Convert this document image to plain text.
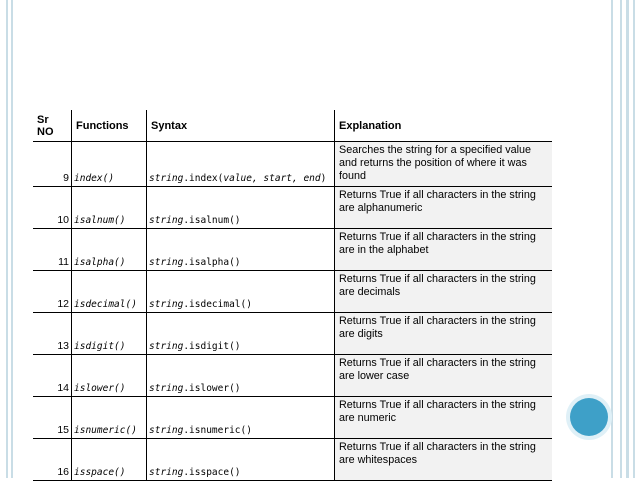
Sr NO	Functions	Syntax	Explanation
9	index()	string.index(value, start, end)	Searches the string for a specified value and returns the position of where it was found
10	isalnum()	string.isalnum()	Returns True if all characters in the string are alphanumeric
11	isalpha()	string.isalpha()	Returns True if all characters in the string are in the alphabet
12	isdecimal()	string.isdecimal()	Returns True if all characters in the string are decimals
13	isdigit()	string.isdigit()	Returns True if all characters in the string are digits
14	islower()	string.islower()	Returns True if all characters in the string are lower case
15	isnumeric()	string.isnumeric()	Returns True if all characters in the string are numeric
16	isspace()	string.isspace()	Returns True if all characters in the string are whitespaces
